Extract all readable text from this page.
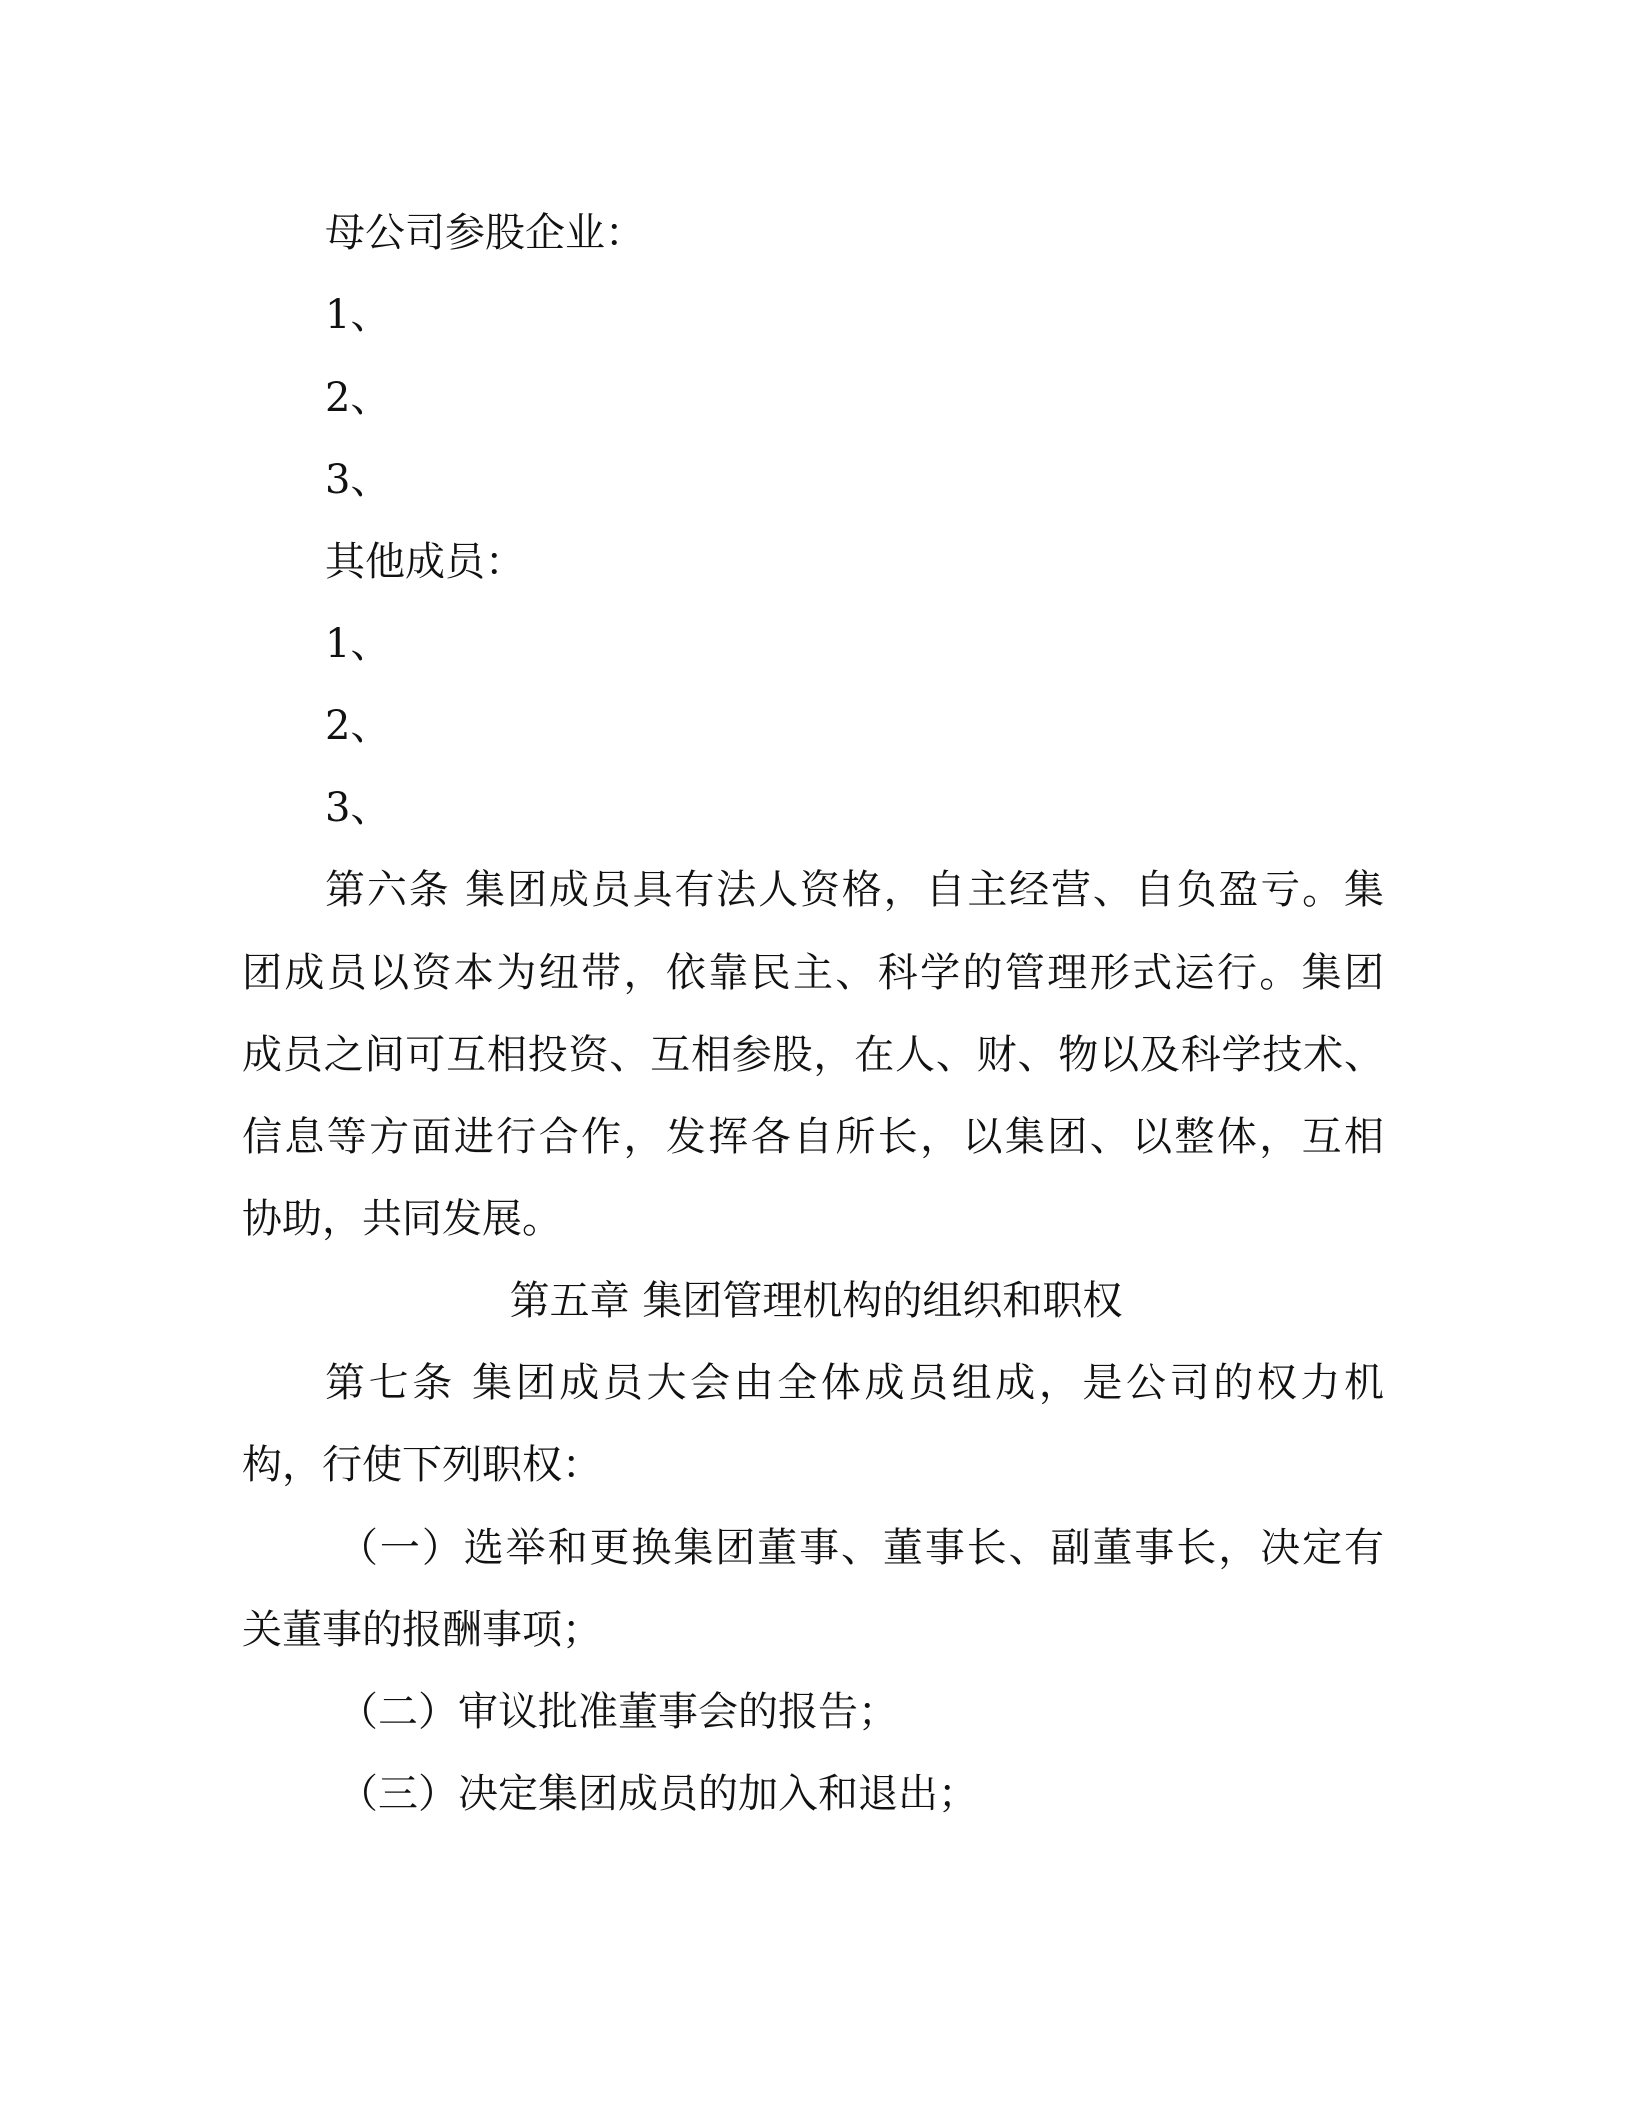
母公司参股企业：
1、
2、
3、
其他成员：
1、
2、
3、
第六条 集团成员具有法人资格，自主经营、自负盈亏。集
团成员以资本为纽带，依靠民主、科学的管理形式运行。集团
成员之间可互相投资、互相参股，在人、财、物以及科学技术、
信息等方面进行合作，发挥各自所长，以集团、以整体，互相
协助，共同发展。
第五章 集团管理机构的组织和职权
第七条 集团成员大会由全体成员组成，是公司的权力机
构，行使下列职权：
（一）选举和更换集团董事、董事长、副董事长，决定有
关董事的报酬事项；
（二）审议批准董事会的报告；
（三）决定集团成员的加入和退出；
